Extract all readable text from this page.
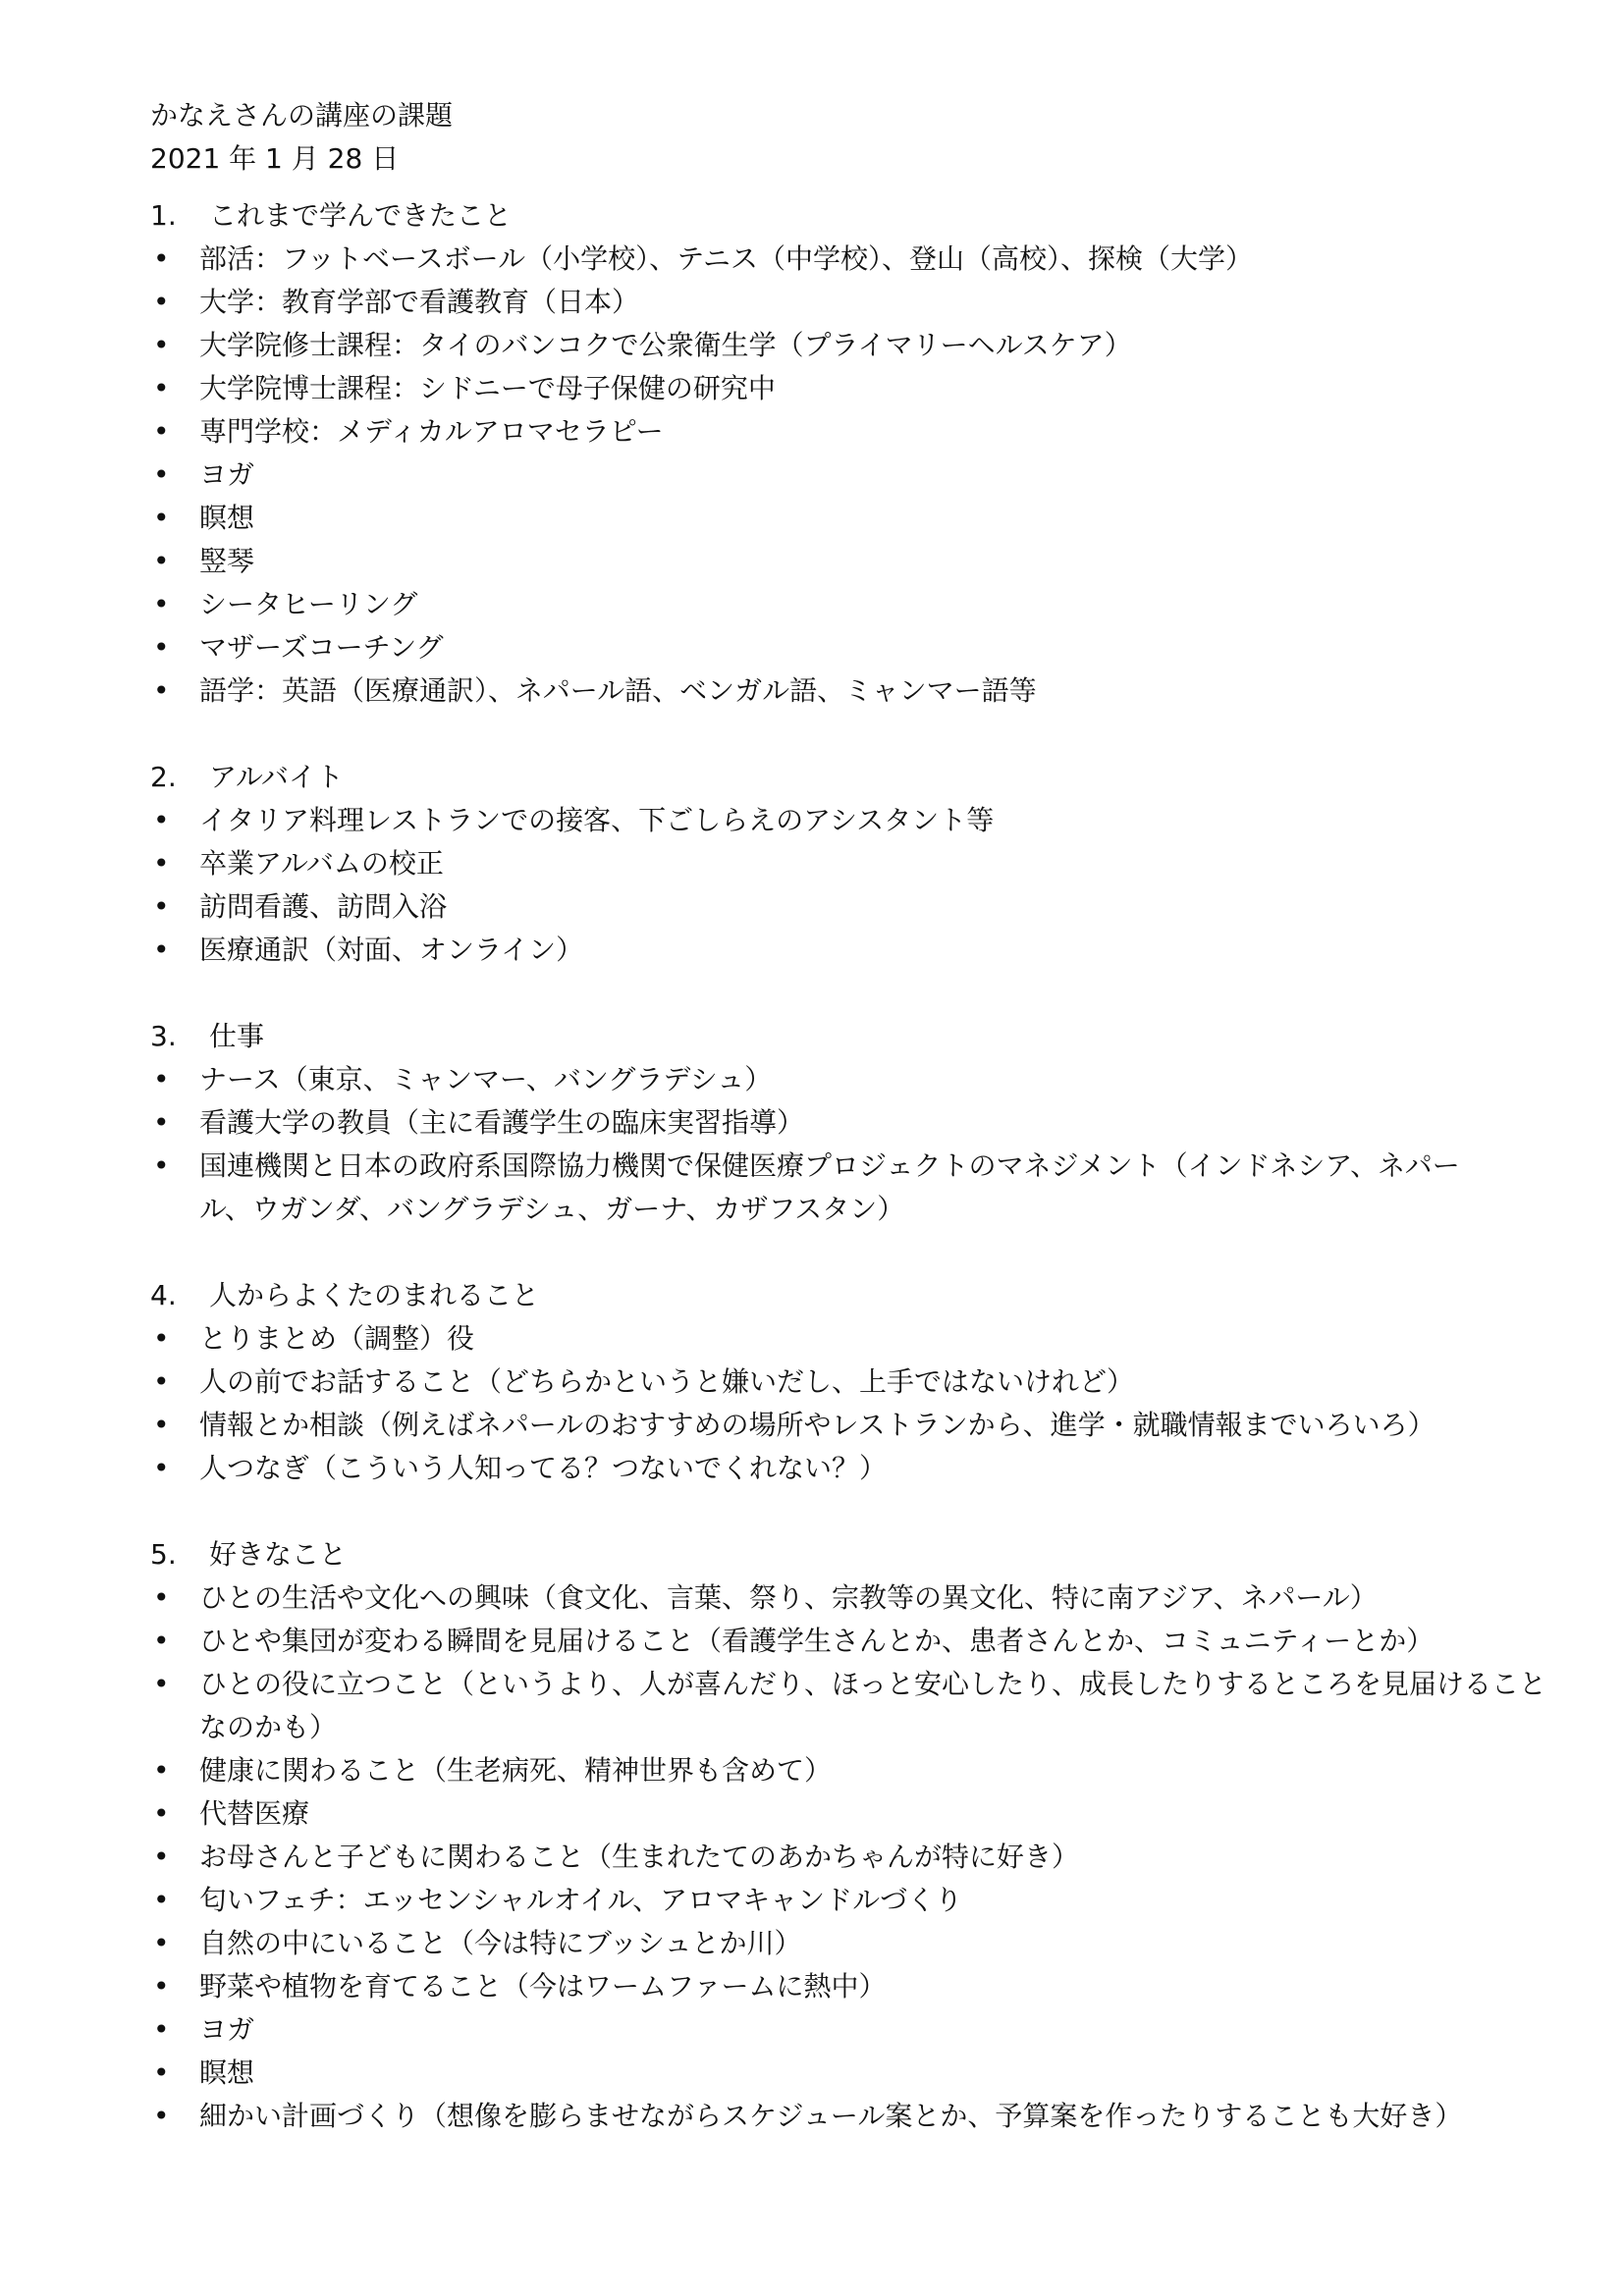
かなえさんの講座の課題
2021 年 1 月 28 日
1. これまで学んできたこと
• 部活：フットベースボール（小学校）、テニス（中学校）、登山（高校）、探検（大学）
• 大学：教育学部で看護教育（日本）
• 大学院修士課程：タイのバンコクで公衆衛生学（プライマリーヘルスケア）
• 大学院博士課程：シドニーで母子保健の研究中
• 専門学校：メディカルアロマセラピー
• ヨガ
• 瞑想
• 竪琴
• シータヒーリング
• マザーズコーチング
• 語学：英語（医療通訳）、ネパール語、ベンガル語、ミャンマー語等
2. アルバイト
• イタリア料理レストランでの接客、下ごしらえのアシスタント等
• 卒業アルバムの校正
• 訪問看護、訪問入浴
• 医療通訳（対面、オンライン）
3. 仕事
• ナース（東京、ミャンマー、バングラデシュ）
• 看護大学の教員（主に看護学生の臨床実習指導）
• 国連機関と日本の政府系国際協力機関で保健医療プロジェクトのマネジメント（インドネシア、ネパー
ル、ウガンダ、バングラデシュ、ガーナ、カザフスタン）
4. 人からよくたのまれること
• とりまとめ（調整）役
• 人の前でお話すること（どちらかというと嫌いだし、上手ではないけれど）
• 情報とか相談（例えばネパールのおすすめの場所やレストランから、進学・就職情報までいろいろ）
• 人つなぎ（こういう人知ってる？つないでくれない？）
5. 好きなこと
• ひとの生活や文化への興味（食文化、言葉、祭り、宗教等の異文化、特に南アジア、ネパール）
• ひとや集団が変わる瞬間を見届けること（看護学生さんとか、患者さんとか、コミュニティーとか）
• ひとの役に立つこと（というより、人が喜んだり、ほっと安心したり、成長したりするところを見届けること
なのかも）
• 健康に関わること（生老病死、精神世界も含めて）
• 代替医療
• お母さんと子どもに関わること（生まれたてのあかちゃんが特に好き）
• 匂いフェチ：エッセンシャルオイル、アロマキャンドルづくり
• 自然の中にいること（今は特にブッシュとか川）
• 野菜や植物を育てること（今はワームファームに熱中）
• ヨガ
• 瞑想
• 細かい計画づくり（想像を膨らませながらスケジュール案とか、予算案を作ったりすることも大好き）
